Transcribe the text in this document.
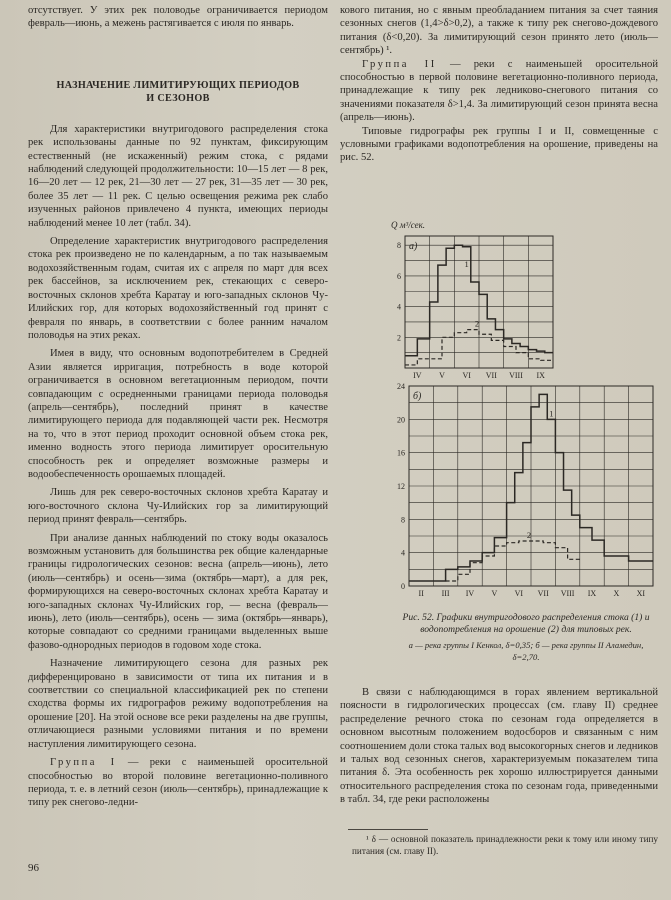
отсутствует. У этих рек половодье ограничивается периодом февраль—июнь, а межень растягивается с июля по январь.

НАЗНАЧЕНИЕ ЛИМИТИРУЮЩИХ ПЕРИОДОВ
И СЕЗОНОВ

Для характеристики внутригодового распределения стока рек использованы данные по 92 пунктам, фиксирующим естественный (не искаженный) режим стока, с рядами наблюдений следующей продолжительности: 10—15 лет — 8 рек, 16—20 лет — 12 рек, 21—30 лет — 27 рек, 31—35 лет — 30 рек, более 35 лет — 11 рек. С целью освещения режима рек слабо изученных районов привлечено 4 пункта, имеющих периоды наблюдений менее 10 лет (табл. 34).

Определение характеристик внутригодового распределения стока рек произведено не по календарным, а по так называемым водохозяйственным годам, считая их с апреля по март для всех рек бассейнов, за исключением рек, стекающих с северо-восточных склонов хребта Каратау и юго-западных склонов Чу-Илийских гор, для которых водохозяйственный год принят с февраля по январь, в соответствии с более ранним началом половодья на этих реках.

Имея в виду, что основным водопотребителем в Средней Азии является ирригация, потребность в воде которой ограничивается в основном вегетационным периодом, почти совпадающим с осредненными границами периода половодья (апрель—сентябрь), последний принят в качестве лимитирующего периода для подавляющей части рек. Несмотря на то, что в этот период проходит основной объем стока рек, именно водность этого периода лимитирует оросительную способность рек и определяет возможные размеры и водообеспеченность орошаемых площадей.

Лишь для рек северо-восточных склонов хребта Каратау и юго-восточного склона Чу-Илийских гор за лимитирующий период принят февраль—сентябрь.

При анализе данных наблюдений по стоку воды оказалось возможным установить для большинства рек общие календарные границы гидрологических сезонов: весна (апрель—июнь), лето (июль—сентябрь) и осень—зима (октябрь—март), а для рек, формирующихся на северо-восточных склонах хребта Каратау и юго-западных склонах Чу-Илийских гор, — весна (февраль—июнь), лето (июль—сентябрь), осень — зима (октябрь—январь), которые совпадают со средними границами выделенных выше фазово-однородных периодов в годовом ходе стока.

Назначение лимитирующего сезона для разных рек дифференцировано в зависимости от типа их питания и в соответствии со специальной классификацией рек по степени сходства формы их гидрографов режиму водопотребления на орошение [20]. На этой основе все реки разделены на две группы, отличающиеся разными условиями питания и по времени наступления лимитирующего сезона.

Группа I — реки с наименьшей оросительной способностью во второй половине вегетационно-поливного периода, т. е. в летний сезон (июль—сентябрь), принадлежащие к типу рек снегово-ледни-

кового питания, но с явным преобладанием питания за счет таяния сезонных снегов (1,4>δ>0,2), а также к типу рек снегово-дождевого питания (δ<0,20). За лимитирующий сезон принято лето (июль—сентябрь) ¹.

Группа II — реки с наименьшей оросительной способностью в первой половине вегетационно-поливного периода, принадлежащие к типу рек ледниково-снегового питания со значениями показателя δ>1,4. За лимитирующий сезон принята весна (апрель—июнь).

Типовые гидрографы рек группы I и II, совмещенные с условными графиками водопотребления на орошение, приведены на рис. 52.

2
4
6
8
IV V VI VII VIII IX
Q м³/сек.
а)
1
2
0
4
8
12
16
20
24
II III IV V VI VII VIII IX X XI
б)
1
2
Рис. 52. Графики внутригодового распределения стока (1) и водопотребления на орошение (2) для типовых рек.
а — река группы I Кенкол, δ=0,35; б — река группы II Аламедин, δ=2,70.

В связи с наблюдающимся в горах явлением вертикальной поясности в гидрологических процессах (см. главу II) среднее распределение речного стока по сезонам года определяется в основном высотным положением водосборов и связанным с ним соотношением доли стока талых вод высокогорных снегов и ледников и талых вод сезонных снегов, характеризуемым показателем типа питания δ. Эта особенность рек хорошо иллюстрируется данными относительного распределения стока по сезонам года, приведенными в табл. 34, где реки расположены

¹ δ — основной показатель принадлежности реки к тому или иному типу питания (см. главу II).
96
